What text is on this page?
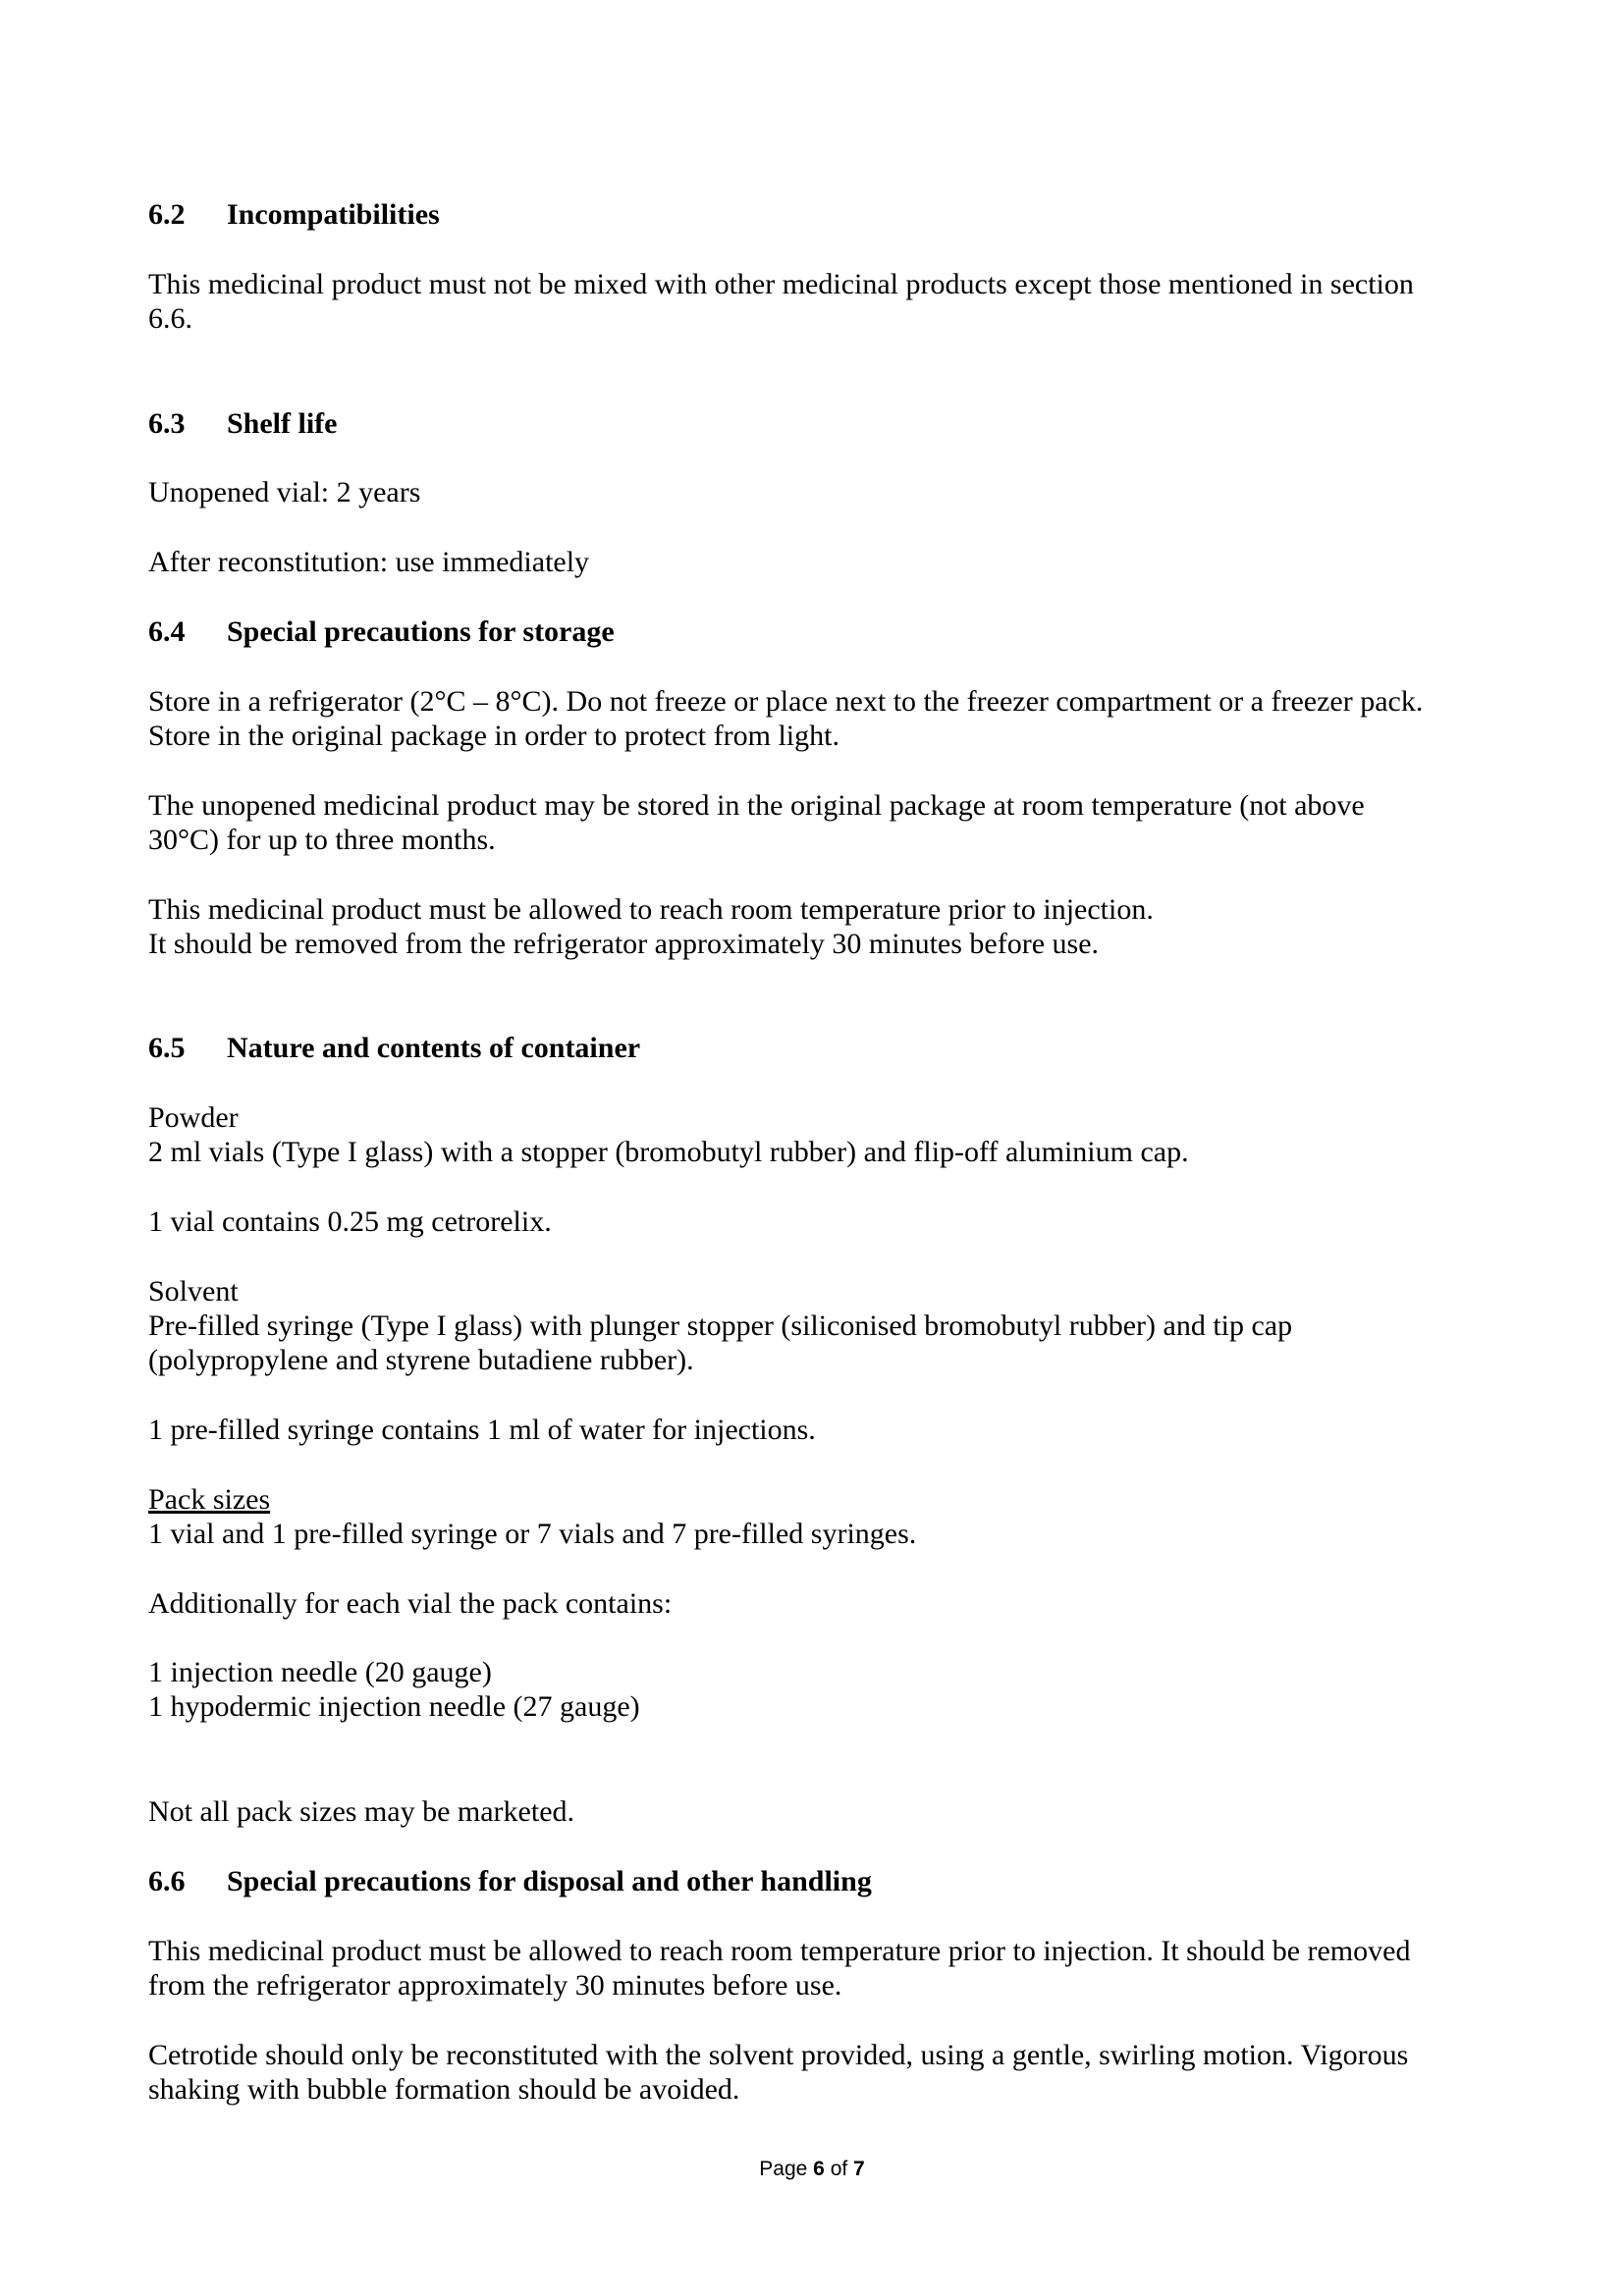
6.2 Incompatibilities
This medicinal product must not be mixed with other medicinal products except those mentioned in section
6.6.
6.3 Shelf life
Unopened vial: 2 years
After reconstitution: use immediately
6.4 Special precautions for storage
Store in a refrigerator (2°C – 8°C). Do not freeze or place next to the freezer compartment or a freezer pack.
Store in the original package in order to protect from light.
The unopened medicinal product may be stored in the original package at room temperature (not above
30°C) for up to three months.
This medicinal product must be allowed to reach room temperature prior to injection.
It should be removed from the refrigerator approximately 30 minutes before use.
6.5 Nature and contents of container
Powder
2 ml vials (Type I glass) with a stopper (bromobutyl rubber) and flip-off aluminium cap.
1 vial contains 0.25 mg cetrorelix.
Solvent
Pre-filled syringe (Type I glass) with plunger stopper (siliconised bromobutyl rubber) and tip cap
(polypropylene and styrene butadiene rubber).
1 pre-filled syringe contains 1 ml of water for injections.
Pack sizes
1 vial and 1 pre-filled syringe or 7 vials and 7 pre-filled syringes.
Additionally for each vial the pack contains:
1 injection needle (20 gauge)
1 hypodermic injection needle (27 gauge)
Not all pack sizes may be marketed.
6.6 Special precautions for disposal and other handling
This medicinal product must be allowed to reach room temperature prior to injection. It should be removed
from the refrigerator approximately 30 minutes before use.
Cetrotide should only be reconstituted with the solvent provided, using a gentle, swirling motion. Vigorous
shaking with bubble formation should be avoided.
Page 6 of 7
